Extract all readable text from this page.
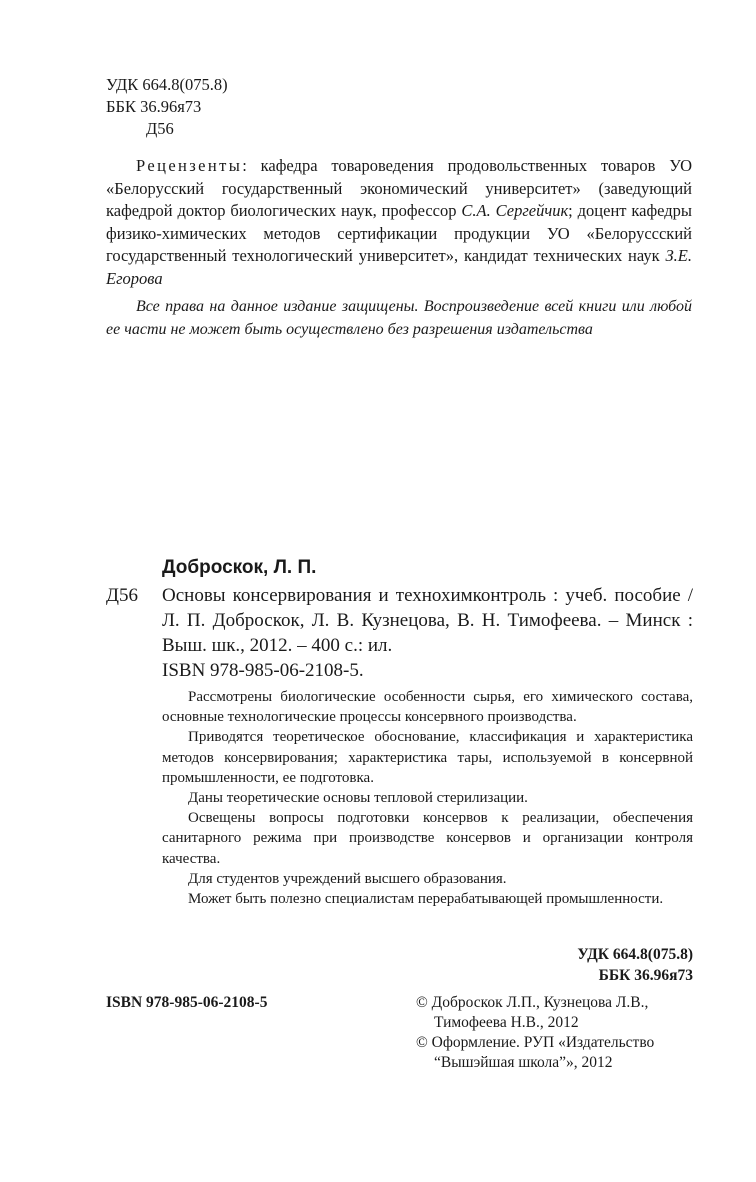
УДК 664.8(075.8)
ББК 36.96я73
Д56
Рецензенты: кафедра товароведения продовольственных товаров УО «Белорусский государственный экономический университет» (заведующий кафедрой доктор биологических наук, профессор С.А. Сергейчик; доцент кафедры физико-химических методов сертификации продукции УО «Белоруссский государственный технологический университет», кандидат технических наук З.Е. Егорова
Все права на данное издание защищены. Воспроизведение всей книги или любой ее части не может быть осуществлено без разрешения издательства
Доброскок, Л. П.
Д56 Основы консервирования и технохимконтроль : учеб. пособие / Л. П. Доброскок, Л. В. Кузнецова, В. Н. Тимофеева. – Минск : Выш. шк., 2012. – 400 с.: ил.
ISBN 978-985-06-2108-5.

Рассмотрены биологические особенности сырья, его химического состава, основные технологические процессы консервного производства.

Приводятся теоретическое обоснование, классификация и характеристика методов консервирования; характеристика тары, используемой в консервной промышленности, ее подготовка.

Даны теоретические основы тепловой стерилизации.

Освещены вопросы подготовки консервов к реализации, обеспечения санитарного режима при производстве консервов и организации контроля качества.

Для студентов учреждений высшего образования.

Может быть полезно специалистам перерабатывающей промышленности.

УДК 664.8(075.8)
ББК 36.96я73
ISBN 978-985-06-2108-5	© Доброскок Л.П., Кузнецова Л.В.,
Тимофеева Н.В., 2012
© Оформление. РУП «Издательство
“Вышэйшая школа”», 2012
